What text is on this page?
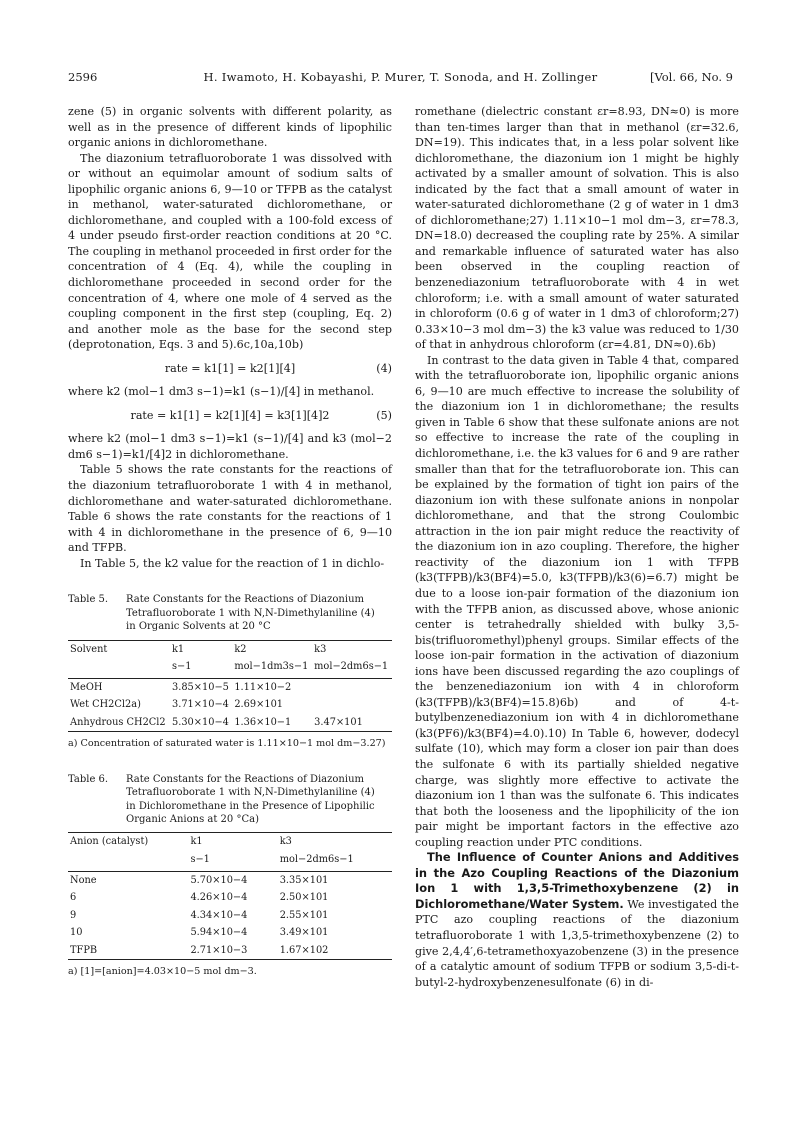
2596	H. Iwamoto, H. Kobayashi, P. Murer, T. Sonoda, and H. Zollinger	[Vol. 66, No. 9

zene (5) in organic solvents with different polarity, as well as in the presence of different kinds of lipophilic organic anions in dichloromethane.

The diazonium tetrafluoroborate 1 was dissolved with or without an equimolar amount of sodium salts of lipophilic organic anions 6, 9—10 or TFPB as the catalyst in methanol, water-saturated dichloromethane, or dichloromethane, and coupled with a 100-fold excess of 4 under pseudo first-order reaction conditions at 20 °C. The coupling in methanol proceeded in first order for the concentration of 4 (Eq. 4), while the coupling in dichloromethane proceeded in second order for the concentration of 4, where one mole of 4 served as the coupling component in the first step (coupling, Eq. 2) and another mole as the base for the second step (deprotonation, Eqs. 3 and 5).6c,10a,10b)

rate = k1[1] = k2[1][4]	(4)

where k2 (mol−1 dm3 s−1)=k1 (s−1)/[4] in methanol.

rate = k1[1] = k2[1][4] = k3[1][4]2	(5)

where k2 (mol−1 dm3 s−1)=k1 (s−1)/[4] and k3 (mol−2 dm6 s−1)=k1/[4]2 in dichloromethane.

Table 5 shows the rate constants for the reactions of the diazonium tetrafluoroborate 1 with 4 in methanol, dichloromethane and water-saturated dichloromethane. Table 6 shows the rate constants for the reactions of 1 with 4 in dichloromethane in the presence of 6, 9—10 and TFPB.

In Table 5, the k2 value for the reaction of 1 in dichlo-

Table 5. Rate Constants for the Reactions of Diazonium Tetrafluoroborate 1 with N,N-Dimethylaniline (4) in Organic Solvents at 20 °C
Solvent	k1	k2	k3
	s−1	mol−1dm3s−1	mol−2dm6s−1
MeOH	3.85×10−5	1.11×10−2	
Wet CH2Cl2a)	3.71×10−4	2.69×101	
Anhydrous CH2Cl2	5.30×10−4	1.36×10−1	3.47×101
a) Concentration of saturated water is 1.11×10−1 mol dm−3.27)
Table 6. Rate Constants for the Reactions of Diazonium Tetrafluoroborate 1 with N,N-Dimethylaniline (4) in Dichloromethane in the Presence of Lipophilic Organic Anions at 20 °Ca)
Anion (catalyst)	k1	k3
	s−1	mol−2dm6s−1
None	5.70×10−4	3.35×101
6	4.26×10−4	2.50×101
9	4.34×10−4	2.55×101
10	5.94×10−4	3.49×101
TFPB	2.71×10−3	1.67×102
a) [1]=[anion]=4.03×10−5 mol dm−3.

romethane (dielectric constant εr=8.93, DN≈0) is more than ten-times larger than that in methanol (εr=32.6, DN=19). This indicates that, in a less polar solvent like dichloromethane, the diazonium ion 1 might be highly activated by a smaller amount of solvation. This is also indicated by the fact that a small amount of water in water-saturated dichloromethane (2 g of water in 1 dm3 of dichloromethane;27) 1.11×10−1 mol dm−3, εr=78.3, DN=18.0) decreased the coupling rate by 25%. A similar and remarkable influence of saturated water has also been observed in the coupling reaction of benzenediazonium tetrafluoroborate with 4 in wet chloroform; i.e. with a small amount of water saturated in chloroform (0.6 g of water in 1 dm3 of chloroform;27) 0.33×10−3 mol dm−3) the k3 value was reduced to 1/30 of that in anhydrous chloroform (εr=4.81, DN≈0).6b)

In contrast to the data given in Table 4 that, compared with the tetrafluoroborate ion, lipophilic organic anions 6, 9—10 are much effective to increase the solubility of the diazonium ion 1 in dichloromethane; the results given in Table 6 show that these sulfonate anions are not so effective to increase the rate of the coupling in dichloromethane, i.e. the k3 values for 6 and 9 are rather smaller than that for the tetrafluoroborate ion. This can be explained by the formation of tight ion pairs of the diazonium ion with these sulfonate anions in nonpolar dichloromethane, and that the strong Coulombic attraction in the ion pair might reduce the reactivity of the diazonium ion in azo coupling. Therefore, the higher reactivity of the diazonium ion 1 with TFPB (k3(TFPB)/k3(BF4)=5.0, k3(TFPB)/k3(6)=6.7) might be due to a loose ion-pair formation of the diazonium ion with the TFPB anion, as discussed above, whose anionic center is tetrahedrally shielded with bulky 3,5-bis(trifluoromethyl)phenyl groups. Similar effects of the loose ion-pair formation in the activation of diazonium ions have been discussed regarding the azo couplings of the benzenediazonium ion with 4 in chloroform (k3(TFPB)/k3(BF4)=15.8)6b) and of 4-t-butylbenzenediazonium ion with 4 in dichloromethane (k3(PF6)/k3(BF4)=4.0).10) In Table 6, however, dodecyl sulfate (10), which may form a closer ion pair than does the sulfonate 6 with its partially shielded negative charge, was slightly more effective to activate the diazonium ion 1 than was the sulfonate 6. This indicates that both the looseness and the lipophilicity of the ion pair might be important factors in the effective azo coupling reaction under PTC conditions.

The Influence of Counter Anions and Additives in the Azo Coupling Reactions of the Diazonium Ion 1 with 1,3,5-Trimethoxybenzene (2) in Dichloromethane/Water System. We investigated the PTC azo coupling reactions of the diazonium tetrafluoroborate 1 with 1,3,5-trimethoxybenzene (2) to give 2,4,4′,6-tetramethoxyazobenzene (3) in the presence of a catalytic amount of sodium TFPB or sodium 3,5-di-t-butyl-2-hydroxybenzenesulfonate (6) in di-
